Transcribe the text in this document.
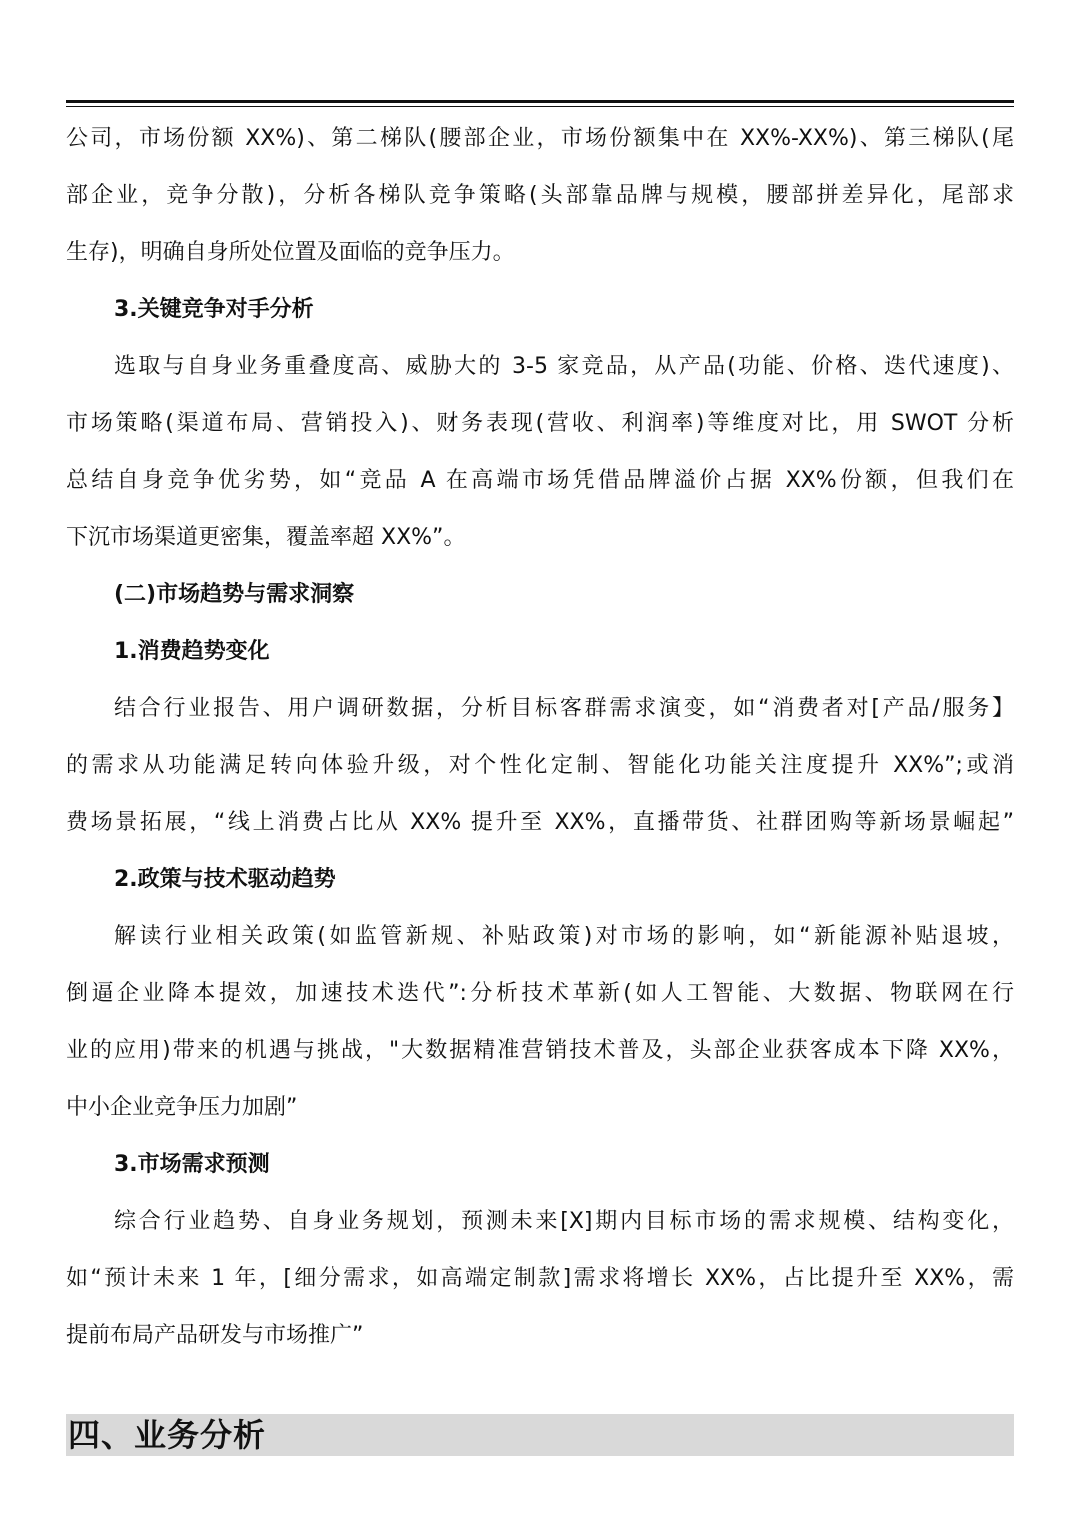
公司，市场份额 XX%)、第二梯队(腰部企业，市场份额集中在 XX%-XX%)、第三梯队(尾
部企业，竞争分散)，分析各梯队竞争策略(头部靠品牌与规模，腰部拼差异化，尾部求
生存)，明确自身所处位置及面临的竞争压力。
3.关键竞争对手分析
选取与自身业务重叠度高、威胁大的 3-5 家竞品，从产品(功能、价格、迭代速度)、
市场策略(渠道布局、营销投入)、财务表现(营收、利润率)等维度对比，用 SWOT 分析
总结自身竞争优劣势，如“竞品 A 在高端市场凭借品牌溢价占据 XX%份额，但我们在
下沉市场渠道更密集，覆盖率超 XX%”。
(二)市场趋势与需求洞察
1.消费趋势变化
结合行业报告、用户调研数据，分析目标客群需求演变，如“消费者对[产品/服务】
的需求从功能满足转向体验升级，对个性化定制、智能化功能关注度提升 XX%”;或消
费场景拓展，“线上消费占比从 XX% 提升至 XX%，直播带货、社群团购等新场景崛起”
2.政策与技术驱动趋势
解读行业相关政策(如监管新规、补贴政策)对市场的影响，如“新能源补贴退坡，
倒逼企业降本提效，加速技术迭代”:分析技术革新(如人工智能、大数据、物联网在行
业的应用)带来的机遇与挑战，"大数据精准营销技术普及，头部企业获客成本下降 XX%，
中小企业竞争压力加剧”
3.市场需求预测
综合行业趋势、自身业务规划，预测未来[X]期内目标市场的需求规模、结构变化，
如“预计未来 1 年，[细分需求，如高端定制款]需求将增长 XX%，占比提升至 XX%，需
提前布局产品研发与市场推广”
四、业务分析
